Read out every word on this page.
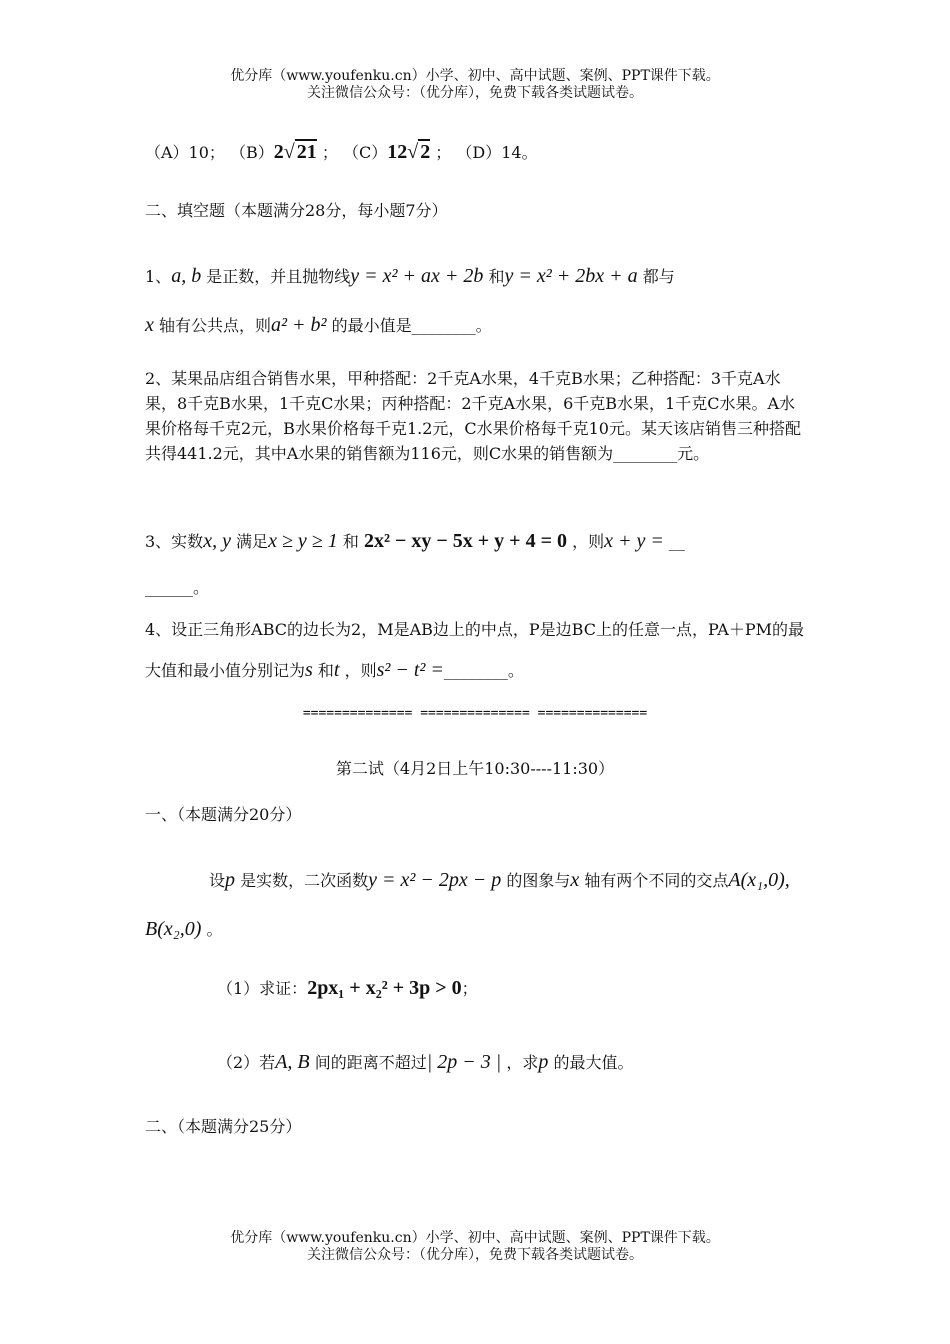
优分库（www.youfenku.cn）小学、初中、高中试题、案例、PPT课件下载。
关注微信公众号：（优分库），免费下载各类试题试卷。
（A）10； （B）2√ 21 ； （C）12√ 2 ； （D）14。
二、填空题（本题满分28分，每小题7分）
1、a, b 是正数，并且抛物线y = x² + ax + 2b 和y = x² + 2bx + a 都与
x 轴有公共点，则a² + b² 的最小值是________。
2、某果品店组合销售水果，甲种搭配：2千克A水果，4千克B水果；乙种搭配：3千克A水果，8千克B水果，1千克C水果；丙种搭配：2千克A水果，6千克B水果，1千克C水果。A水果价格每千克2元，B水果价格每千克1.2元，C水果价格每千克10元。某天该店销售三种搭配共得441.2元，其中A水果的销售额为116元，则C水果的销售额为________元。
3、实数x, y 满足x ≥ y ≥ 1 和 2x² − xy − 5x + y + 4 = 0 ，则x + y = __
______。
4、设正三角形ABC的边长为2，M是AB边上的中点，P是边BC上的任意一点，PA＋PM的最大值和最小值分别记为s 和t ，则s² − t² =________。
============== ============== ==============
第二试（4月2日上午10:30----11:30）
一、（本题满分20分）
设p 是实数，二次函数y = x² − 2px − p 的图象与x 轴有两个不同的交点A(x₁,0), B(x₂,0) 。
（1）求证：2px₁ + x₂² + 3p > 0；
（2）若A, B 间的距离不超过| 2p − 3 | ，求p 的最大值。
二、（本题满分25分）
优分库（www.youfenku.cn）小学、初中、高中试题、案例、PPT课件下载。
关注微信公众号：（优分库），免费下载各类试题试卷。
